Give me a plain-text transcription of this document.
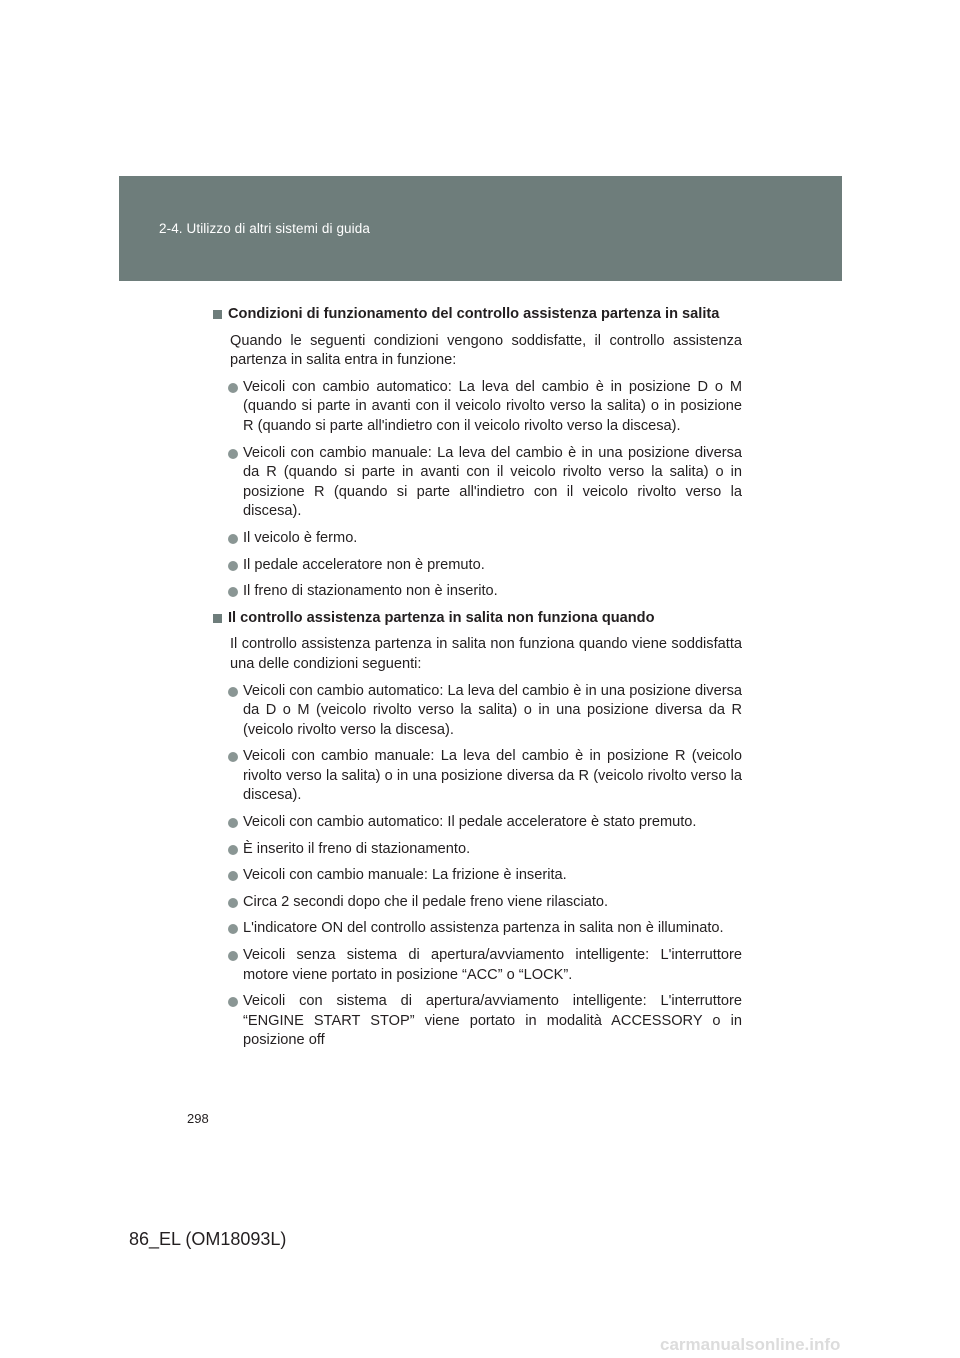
2-4. Utilizzo di altri sistemi di guida
Condizioni di funzionamento del controllo assistenza partenza in salita
Quando le seguenti condizioni vengono soddisfatte, il controllo assistenza partenza in salita entra in funzione:
Veicoli con cambio automatico: La leva del cambio è in posizione D o M (quando si parte in avanti con il veicolo rivolto verso la salita) o in posizione R (quando si parte all'indietro con il veicolo rivolto verso la discesa).
Veicoli con cambio manuale: La leva del cambio è in una posizione diversa da R (quando si parte in avanti con il veicolo rivolto verso la salita) o in posizione R (quando si parte all'indietro con il veicolo rivolto verso la discesa).
Il veicolo è fermo.
Il pedale acceleratore non è premuto.
Il freno di stazionamento non è inserito.
Il controllo assistenza partenza in salita non funziona quando
Il controllo assistenza partenza in salita non funziona quando viene soddisfatta una delle condizioni seguenti:
Veicoli con cambio automatico: La leva del cambio è in una posizione diversa da D o M (veicolo rivolto verso la salita) o in una posizione diversa da R (veicolo rivolto verso la discesa).
Veicoli con cambio manuale: La leva del cambio è in posizione R (veicolo rivolto verso la salita) o in una posizione diversa da R (veicolo rivolto verso la discesa).
Veicoli con cambio automatico: Il pedale acceleratore è stato premuto.
È inserito il freno di stazionamento.
Veicoli con cambio manuale: La frizione è inserita.
Circa 2 secondi dopo che il pedale freno viene rilasciato.
L'indicatore ON del controllo assistenza partenza in salita non è illuminato.
Veicoli senza sistema di apertura/avviamento intelligente: L'interruttore motore viene portato in posizione “ACC” o “LOCK”.
Veicoli con sistema di apertura/avviamento intelligente: L'interruttore “ENGINE START STOP” viene portato in modalità ACCESSORY o in posizione off
298
86_EL (OM18093L)
carmanualsonline.info
